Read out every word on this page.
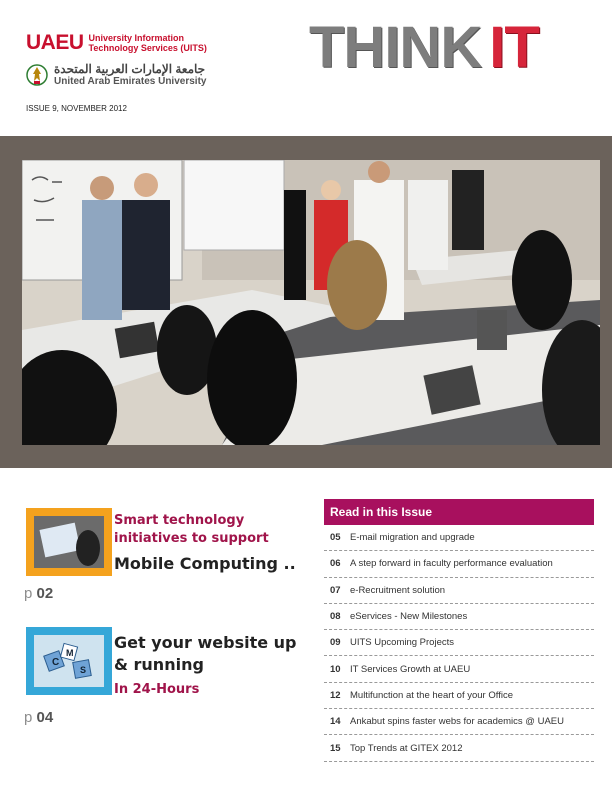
UAEU University Information
Technology Services (UITS)
جامعة الإمارات العربية المتحدة
United Arab Emirates University
ISSUE 9, NOVEMBER 2012
THINK IT
Smart technology initiatives to support
Mobile Computing ..
p 02
C
M
S
Get your website up & running
In 24-Hours
p 04
Read in this Issue
05 E-mail migration and upgrade
06 A step forward in faculty performance evaluation
07 e-Recruitment solution
08 eServices - New Milestones
09 UITS Upcoming Projects
10 IT Services Growth at UAEU
12 Multifunction at the heart of your Office
14 Ankabut spins faster webs for academics @ UAEU
15 Top Trends at GITEX 2012
